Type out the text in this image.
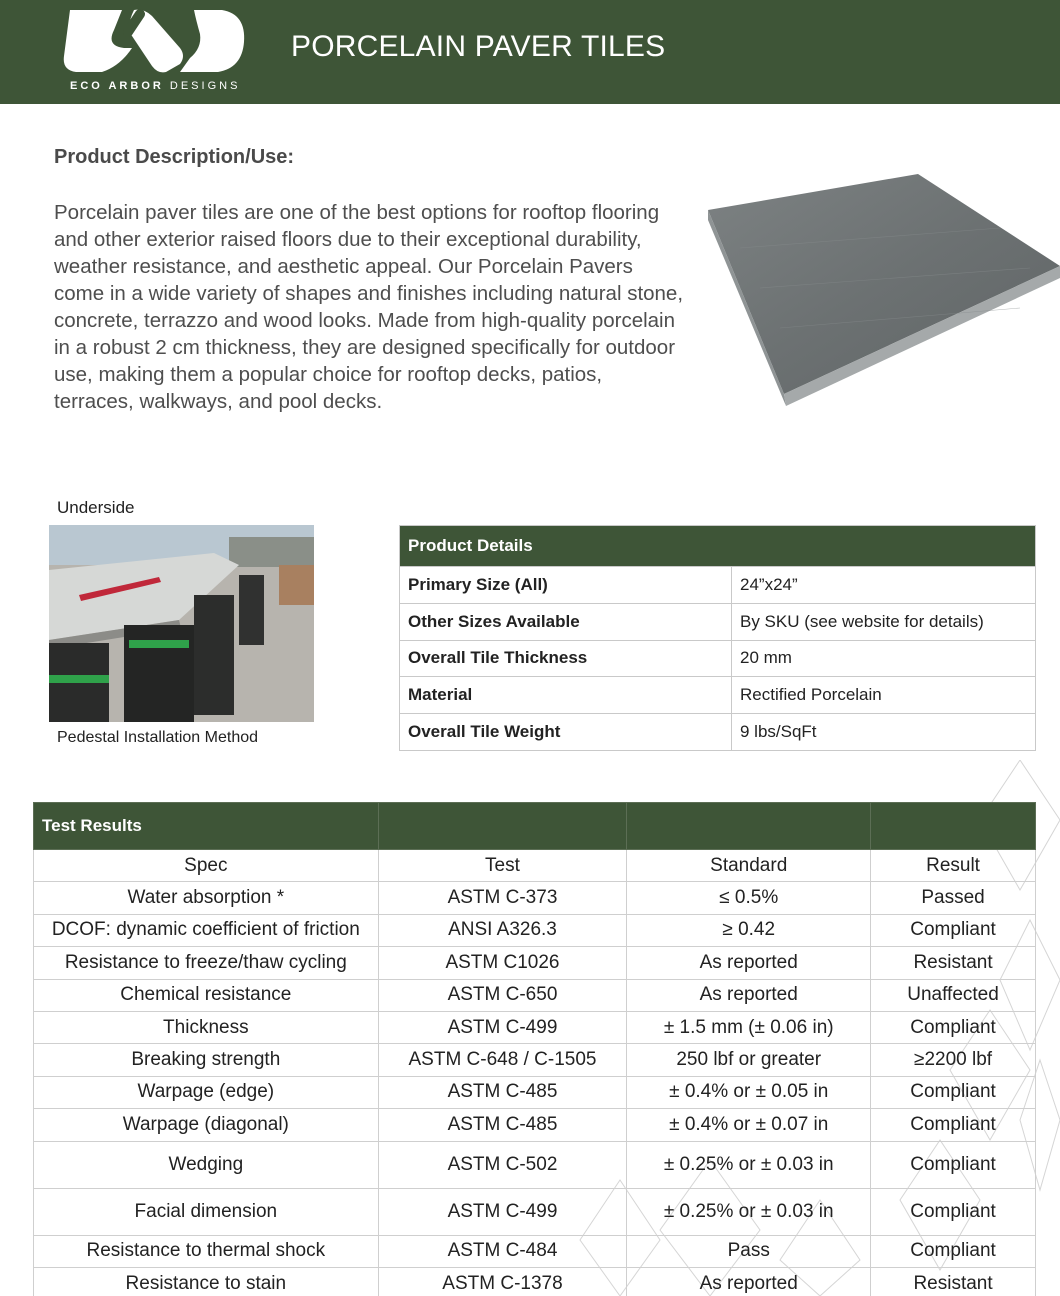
ECO ARBOR DESIGNS
PORCELAIN PAVER TILES
Product Description/Use:
Porcelain paver tiles are one of the best options for rooftop flooring and other exterior raised floors due to their exceptional durability, weather resistance, and aesthetic appeal. Our Porcelain Pavers come in a wide variety of shapes and finishes including natural stone, concrete, terrazzo and wood looks. Made from high-quality porcelain in a robust 2 cm thickness, they are designed specifically for outdoor use, making them a popular choice for rooftop decks, patios, terraces, walkways, and pool decks.
Underside
Pedestal Installation Method
Product Details	
Primary Size (All)	24”x24”
Other Sizes Available	By SKU (see website for details)
Overall Tile Thickness	20 mm
Material	Rectified Porcelain
Overall Tile Weight	9 lbs/SqFt
Test Results			
Spec	Test	Standard	Result
Water absorption *	ASTM C-373	≤ 0.5%	Passed
DCOF: dynamic coefficient of friction	ANSI A326.3	≥ 0.42	Compliant
Resistance to freeze/thaw cycling	ASTM C1026	As reported	Resistant
Chemical resistance	ASTM C-650	As reported	Unaffected
Thickness	ASTM C-499	± 1.5 mm (± 0.06 in)	Compliant
Breaking strength	ASTM C-648 / C-1505	250 lbf or greater	≥2200 lbf
Warpage (edge)	ASTM C-485	± 0.4% or ± 0.05 in	Compliant
Warpage (diagonal)	ASTM C-485	± 0.4% or ± 0.07 in	Compliant
Wedging	ASTM C-502	± 0.25% or ± 0.03 in	Compliant
Facial dimension	ASTM C-499	± 0.25% or ± 0.03 in	Compliant
Resistance to thermal shock	ASTM C-484	Pass	Compliant
Resistance to stain	ASTM C-1378	As reported	Resistant
